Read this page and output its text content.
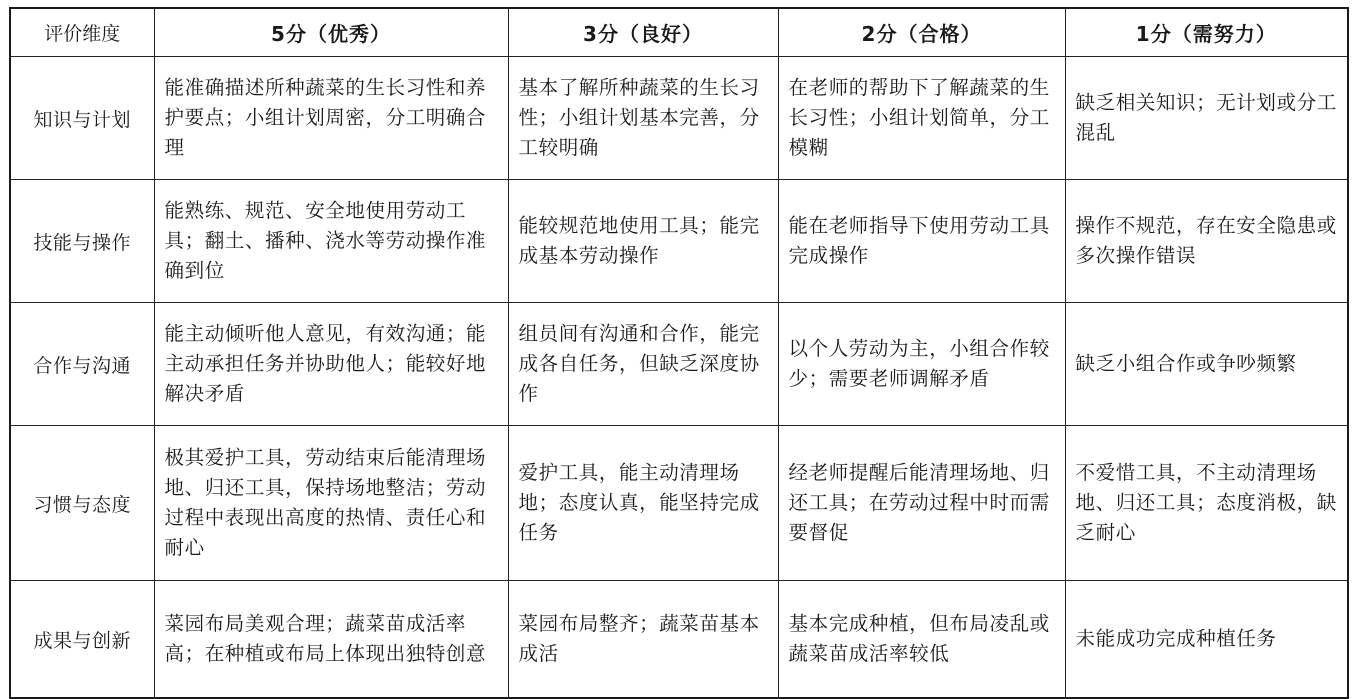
评价维度	5分（优秀）	3分（良好）	2分（合格）	1分（需努力）
知识与计划	能准确描述所种蔬菜的生长习性和养护要点；小组计划周密，分工明确合理	基本了解所种蔬菜的生长习性；小组计划基本完善，分工较明确	在老师的帮助下了解蔬菜的生长习性；小组计划简单，分工模糊	缺乏相关知识；无计划或分工混乱
技能与操作	能熟练、规范、安全地使用劳动工具；翻土、播种、浇水等劳动操作准确到位	能较规范地使用工具；能完成基本劳动操作	能在老师指导下使用劳动工具完成操作	操作不规范，存在安全隐患或多次操作错误
合作与沟通	能主动倾听他人意见，有效沟通；能主动承担任务并协助他人；能较好地解决矛盾	组员间有沟通和合作，能完成各自任务，但缺乏深度协作	以个人劳动为主，小组合作较少；需要老师调解矛盾	缺乏小组合作或争吵频繁
习惯与态度	极其爱护工具，劳动结束后能清理场地、归还工具，保持场地整洁；劳动过程中表现出高度的热情、责任心和耐心	爱护工具，能主动清理场地；态度认真，能坚持完成任务	经老师提醒后能清理场地、归还工具；在劳动过程中时而需要督促	不爱惜工具，不主动清理场地、归还工具；态度消极，缺乏耐心
成果与创新	菜园布局美观合理；蔬菜苗成活率高；在种植或布局上体现出独特创意	菜园布局整齐；蔬菜苗基本成活	基本完成种植，但布局凌乱或蔬菜苗成活率较低	未能成功完成种植任务
